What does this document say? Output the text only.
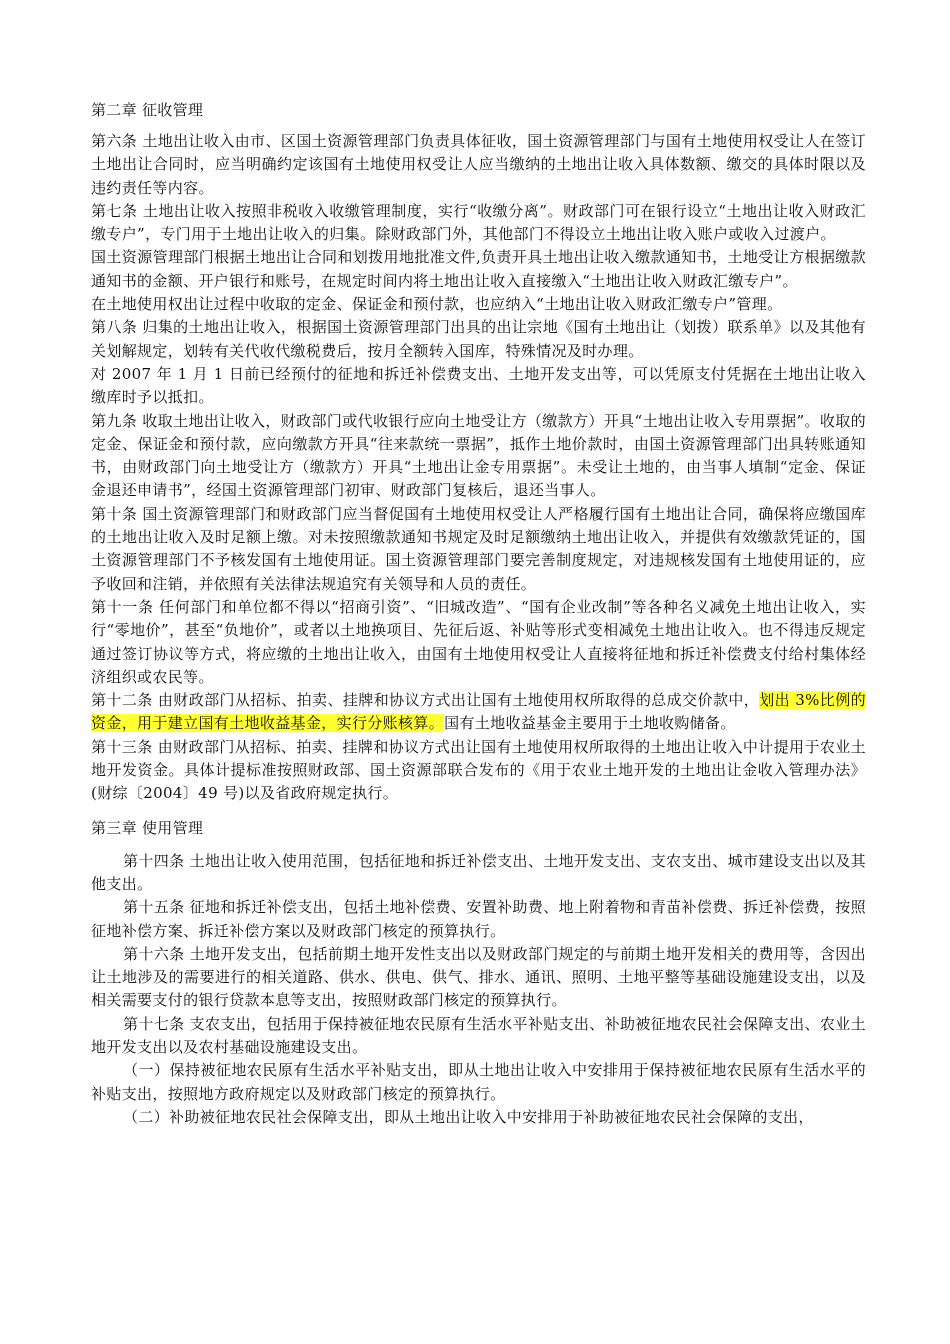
第二章 征收管理

第六条 土地出让收入由市、区国土资源管理部门负责具体征收，国土资源管理部门与国有土地使用权受让人在签订土地出让合同时，应当明确约定该国有土地使用权受让人应当缴纳的土地出让收入具体数额、缴交的具体时限以及违约责任等内容。

第七条 土地出让收入按照非税收入收缴管理制度，实行“收缴分离”。财政部门可在银行设立“土地出让收入财政汇缴专户”，专门用于土地出让收入的归集。除财政部门外，其他部门不得设立土地出让收入账户或收入过渡户。

国土资源管理部门根据土地出让合同和划拨用地批准文件,负责开具土地出让收入缴款通知书，土地受让方根据缴款通知书的金额、开户银行和账号，在规定时间内将土地出让收入直接缴入“土地出让收入财政汇缴专户”。

在土地使用权出让过程中收取的定金、保证金和预付款，也应纳入“土地出让收入财政汇缴专户”管理。

第八条 归集的土地出让收入，根据国土资源管理部门出具的出让宗地《国有土地出让（划拨）联系单》以及其他有关划解规定，划转有关代收代缴税费后，按月全额转入国库，特殊情况及时办理。

对 2007 年 1 月 1 日前已经预付的征地和拆迁补偿费支出、土地开发支出等，可以凭原支付凭据在土地出让收入缴库时予以抵扣。

第九条 收取土地出让收入，财政部门或代收银行应向土地受让方（缴款方）开具“土地出让收入专用票据”。收取的定金、保证金和预付款，应向缴款方开具“往来款统一票据”，抵作土地价款时，由国土资源管理部门出具转账通知书，由财政部门向土地受让方（缴款方）开具“土地出让金专用票据”。未受让土地的，由当事人填制“定金、保证金退还申请书”，经国土资源管理部门初审、财政部门复核后，退还当事人。

第十条 国土资源管理部门和财政部门应当督促国有土地使用权受让人严格履行国有土地出让合同，确保将应缴国库的土地出让收入及时足额上缴。对未按照缴款通知书规定及时足额缴纳土地出让收入，并提供有效缴款凭证的，国土资源管理部门不予核发国有土地使用证。国土资源管理部门要完善制度规定，对违规核发国有土地使用证的，应予收回和注销，并依照有关法律法规追究有关领导和人员的责任。

第十一条 任何部门和单位都不得以“招商引资”、“旧城改造”、“国有企业改制”等各种名义减免土地出让收入，实行“零地价”，甚至“负地价”，或者以土地换项目、先征后返、补贴等形式变相减免土地出让收入。也不得违反规定通过签订协议等方式，将应缴的土地出让收入，由国有土地使用权受让人直接将征地和拆迁补偿费支付给村集体经济组织或农民等。

第十二条 由财政部门从招标、拍卖、挂牌和协议方式出让国有土地使用权所取得的总成交价款中，划出 3%比例的资金，用于建立国有土地收益基金，实行分账核算。国有土地收益基金主要用于土地收购储备。

第十三条 由财政部门从招标、拍卖、挂牌和协议方式出让国有土地使用权所取得的土地出让收入中计提用于农业土地开发资金。具体计提标准按照财政部、国土资源部联合发布的《用于农业土地开发的土地出让金收入管理办法》(财综〔2004〕49 号)以及省政府规定执行。

第三章 使用管理

第十四条 土地出让收入使用范围，包括征地和拆迁补偿支出、土地开发支出、支农支出、城市建设支出以及其他支出。

第十五条 征地和拆迁补偿支出，包括土地补偿费、安置补助费、地上附着物和青苗补偿费、拆迁补偿费，按照征地补偿方案、拆迁补偿方案以及财政部门核定的预算执行。

第十六条 土地开发支出，包括前期土地开发性支出以及财政部门规定的与前期土地开发相关的费用等，含因出让土地涉及的需要进行的相关道路、供水、供电、供气、排水、通讯、照明、土地平整等基础设施建设支出，以及相关需要支付的银行贷款本息等支出，按照财政部门核定的预算执行。

第十七条 支农支出，包括用于保持被征地农民原有生活水平补贴支出、补助被征地农民社会保障支出、农业土地开发支出以及农村基础设施建设支出。

（一）保持被征地农民原有生活水平补贴支出，即从土地出让收入中安排用于保持被征地农民原有生活水平的补贴支出，按照地方政府规定以及财政部门核定的预算执行。

（二）补助被征地农民社会保障支出，即从土地出让收入中安排用于补助被征地农民社会保障的支出，
